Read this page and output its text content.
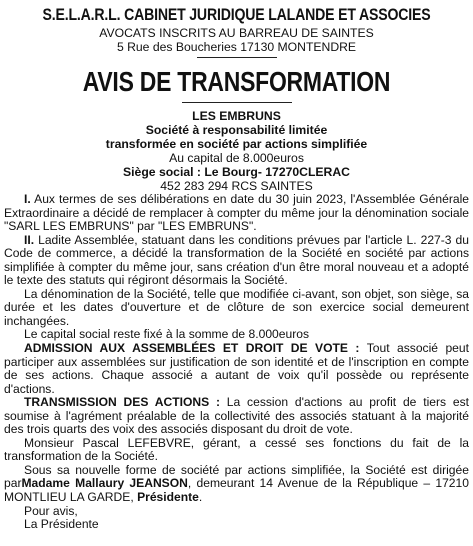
S.E.L.A.R.L. CABINET JURIDIQUE LALANDE ET ASSOCIES
AVOCATS INSCRITS AU BARREAU DE SAINTES
5 Rue des Boucheries 17130 MONTENDRE
AVIS DE TRANSFORMATION
LES EMBRUNS
Société à responsabilité limitée
transformée en société par actions simplifiée
Au capital de 8.000euros
Siège social : Le Bourg- 17270CLERAC
452 283 294 RCS SAINTES

I. Aux termes de ses délibérations en date du 30 juin 2023, l'Assemblée Générale Extraordinaire a décidé de remplacer à compter du même jour la dénomination sociale "SARL LES EMBRUNS" par "LES EMBRUNS".

II. Ladite Assemblée, statuant dans les conditions prévues par l'article L. 227-3 du Code de commerce, a décidé la transformation de la Société en société par actions simplifiée à compter du même jour, sans création d'un être moral nouveau et a adopté le texte des statuts qui régiront désormais la Société.

La dénomination de la Société, telle que modifiée ci-avant, son objet, son siège, sa durée et les dates d'ouverture et de clôture de son exercice social demeurent inchangées.

Le capital social reste fixé à la somme de 8.000euros

ADMISSION AUX ASSEMBLÉES ET DROIT DE VOTE : Tout associé peut participer aux assemblées sur justification de son identité et de l'inscription en compte de ses actions. Chaque associé a autant de voix qu'il possède ou représente d'actions.

TRANSMISSION DES ACTIONS : La cession d'actions au profit de tiers est soumise à l'agrément préalable de la collectivité des associés statuant à la majorité des trois quarts des voix des associés disposant du droit de vote.

Monsieur Pascal LEFEBVRE, gérant, a cessé ses fonctions du fait de la transformation de la Société.

Sous sa nouvelle forme de société par actions simplifiée, la Société est dirigée parMadame Mallaury JEANSON, demeurant 14 Avenue de la République – 17210 MONTLIEU LA GARDE, Présidente.

Pour avis,
La Présidente
